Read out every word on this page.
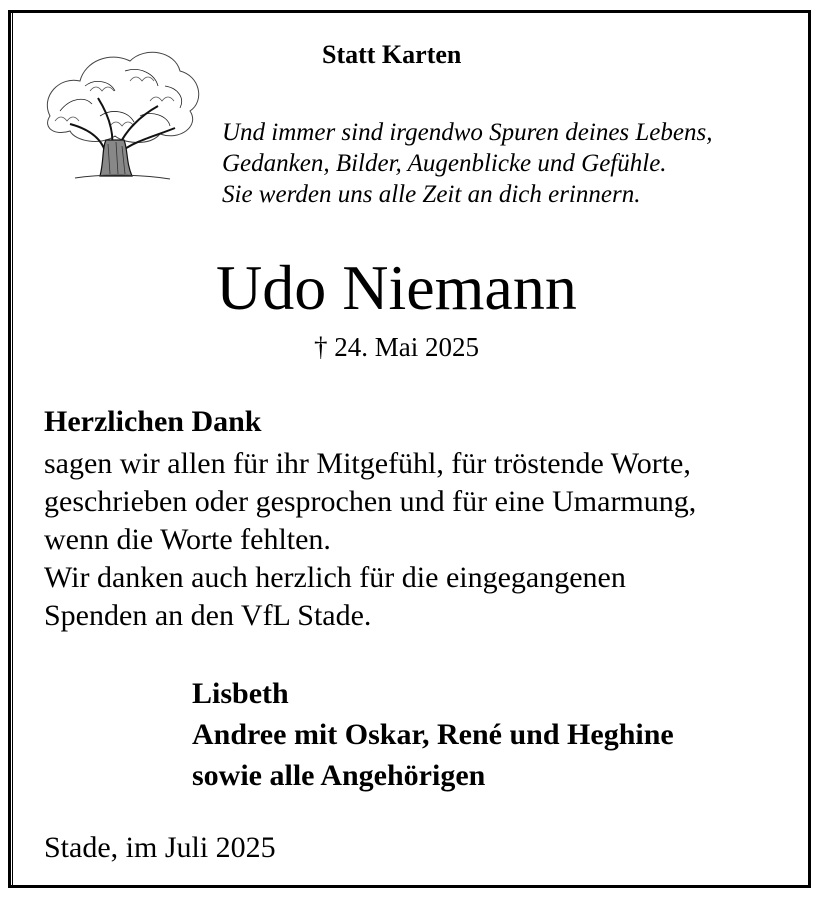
Statt Karten
Und immer sind irgendwo Spuren deines Lebens,
Gedanken, Bilder, Augenblicke und Gefühle.
Sie werden uns alle Zeit an dich erinnern.
Udo Niemann
† 24. Mai 2025
Herzlichen Dank
sagen wir allen für ihr Mitgefühl, für tröstende Worte,
geschrieben oder gesprochen und für eine Umarmung,
wenn die Worte fehlten.
Wir danken auch herzlich für die eingegangenen
Spenden an den VfL Stade.
Lisbeth
Andree mit Oskar, René und Heghine
sowie alle Angehörigen
Stade, im Juli 2025
